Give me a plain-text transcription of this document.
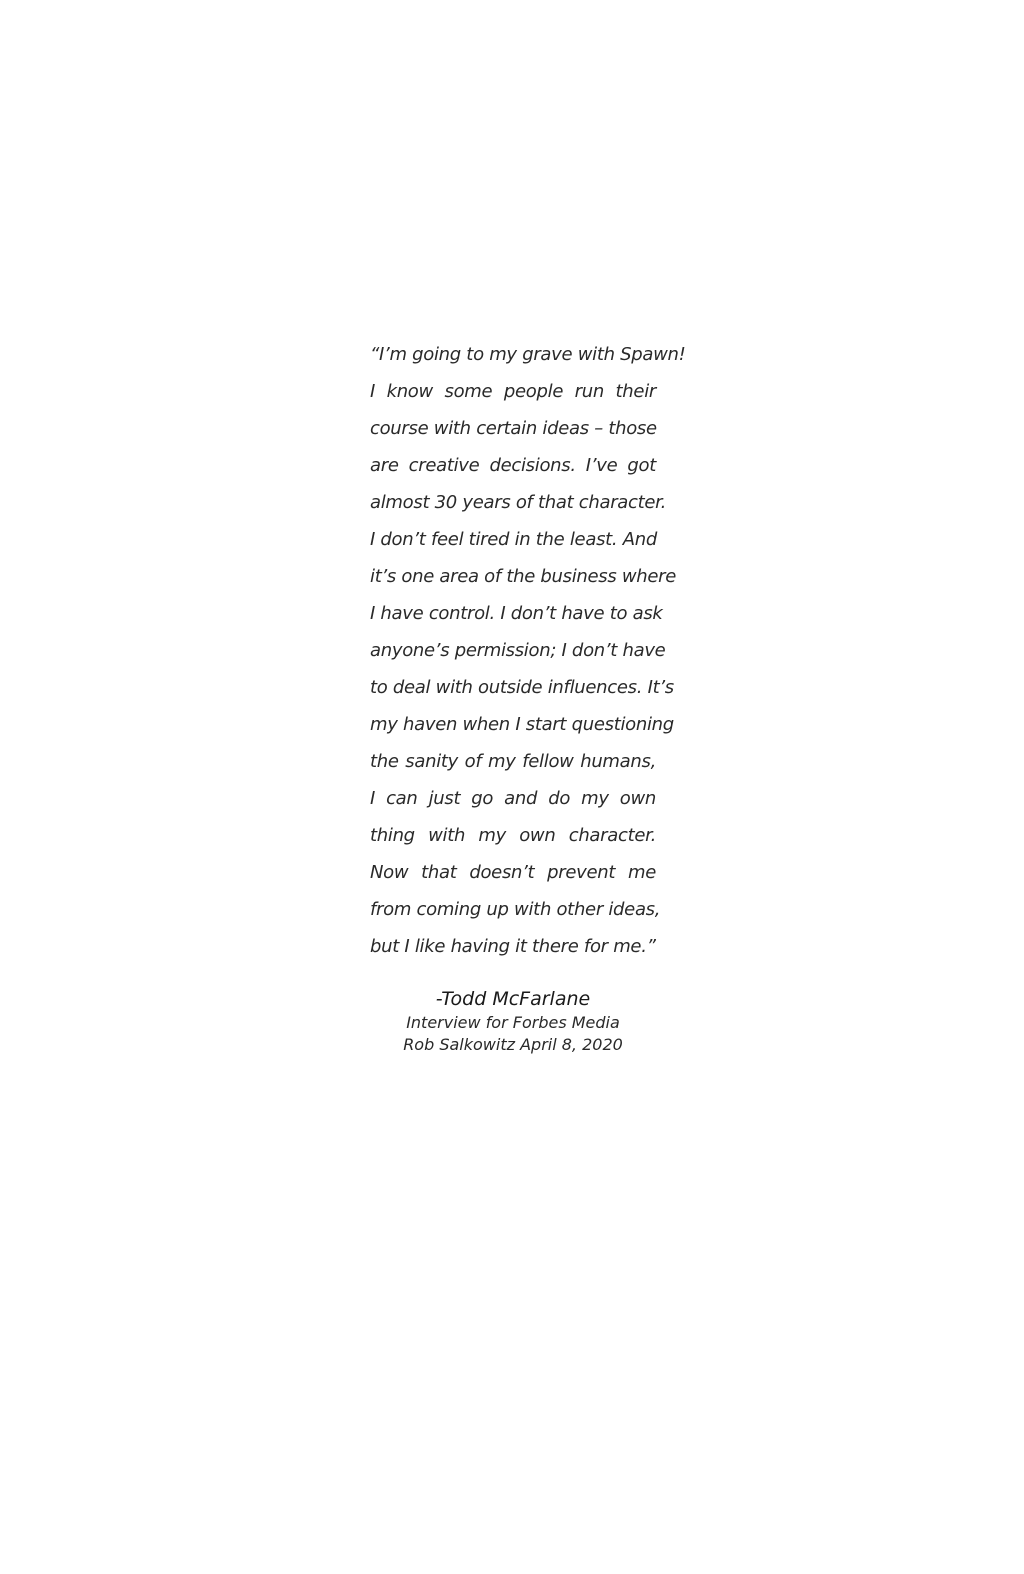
“I’m going to my grave with Spawn!
I know some people run their
course with certain ideas – those
are creative decisions. I’ve got
almost 30 years of that character.
I don’t feel tired in the least. And
it’s one area of the business where
I have control. I don’t have to ask
anyone’s permission; I don’t have
to deal with outside influences. It’s
my haven when I start questioning
the sanity of my fellow humans,
I can just go and do my own
thing with my own character.
Now that doesn’t prevent me
from coming up with other ideas,
but I like having it there for me.”
-Todd McFarlane
Interview for Forbes Media
Rob Salkowitz April 8, 2020
